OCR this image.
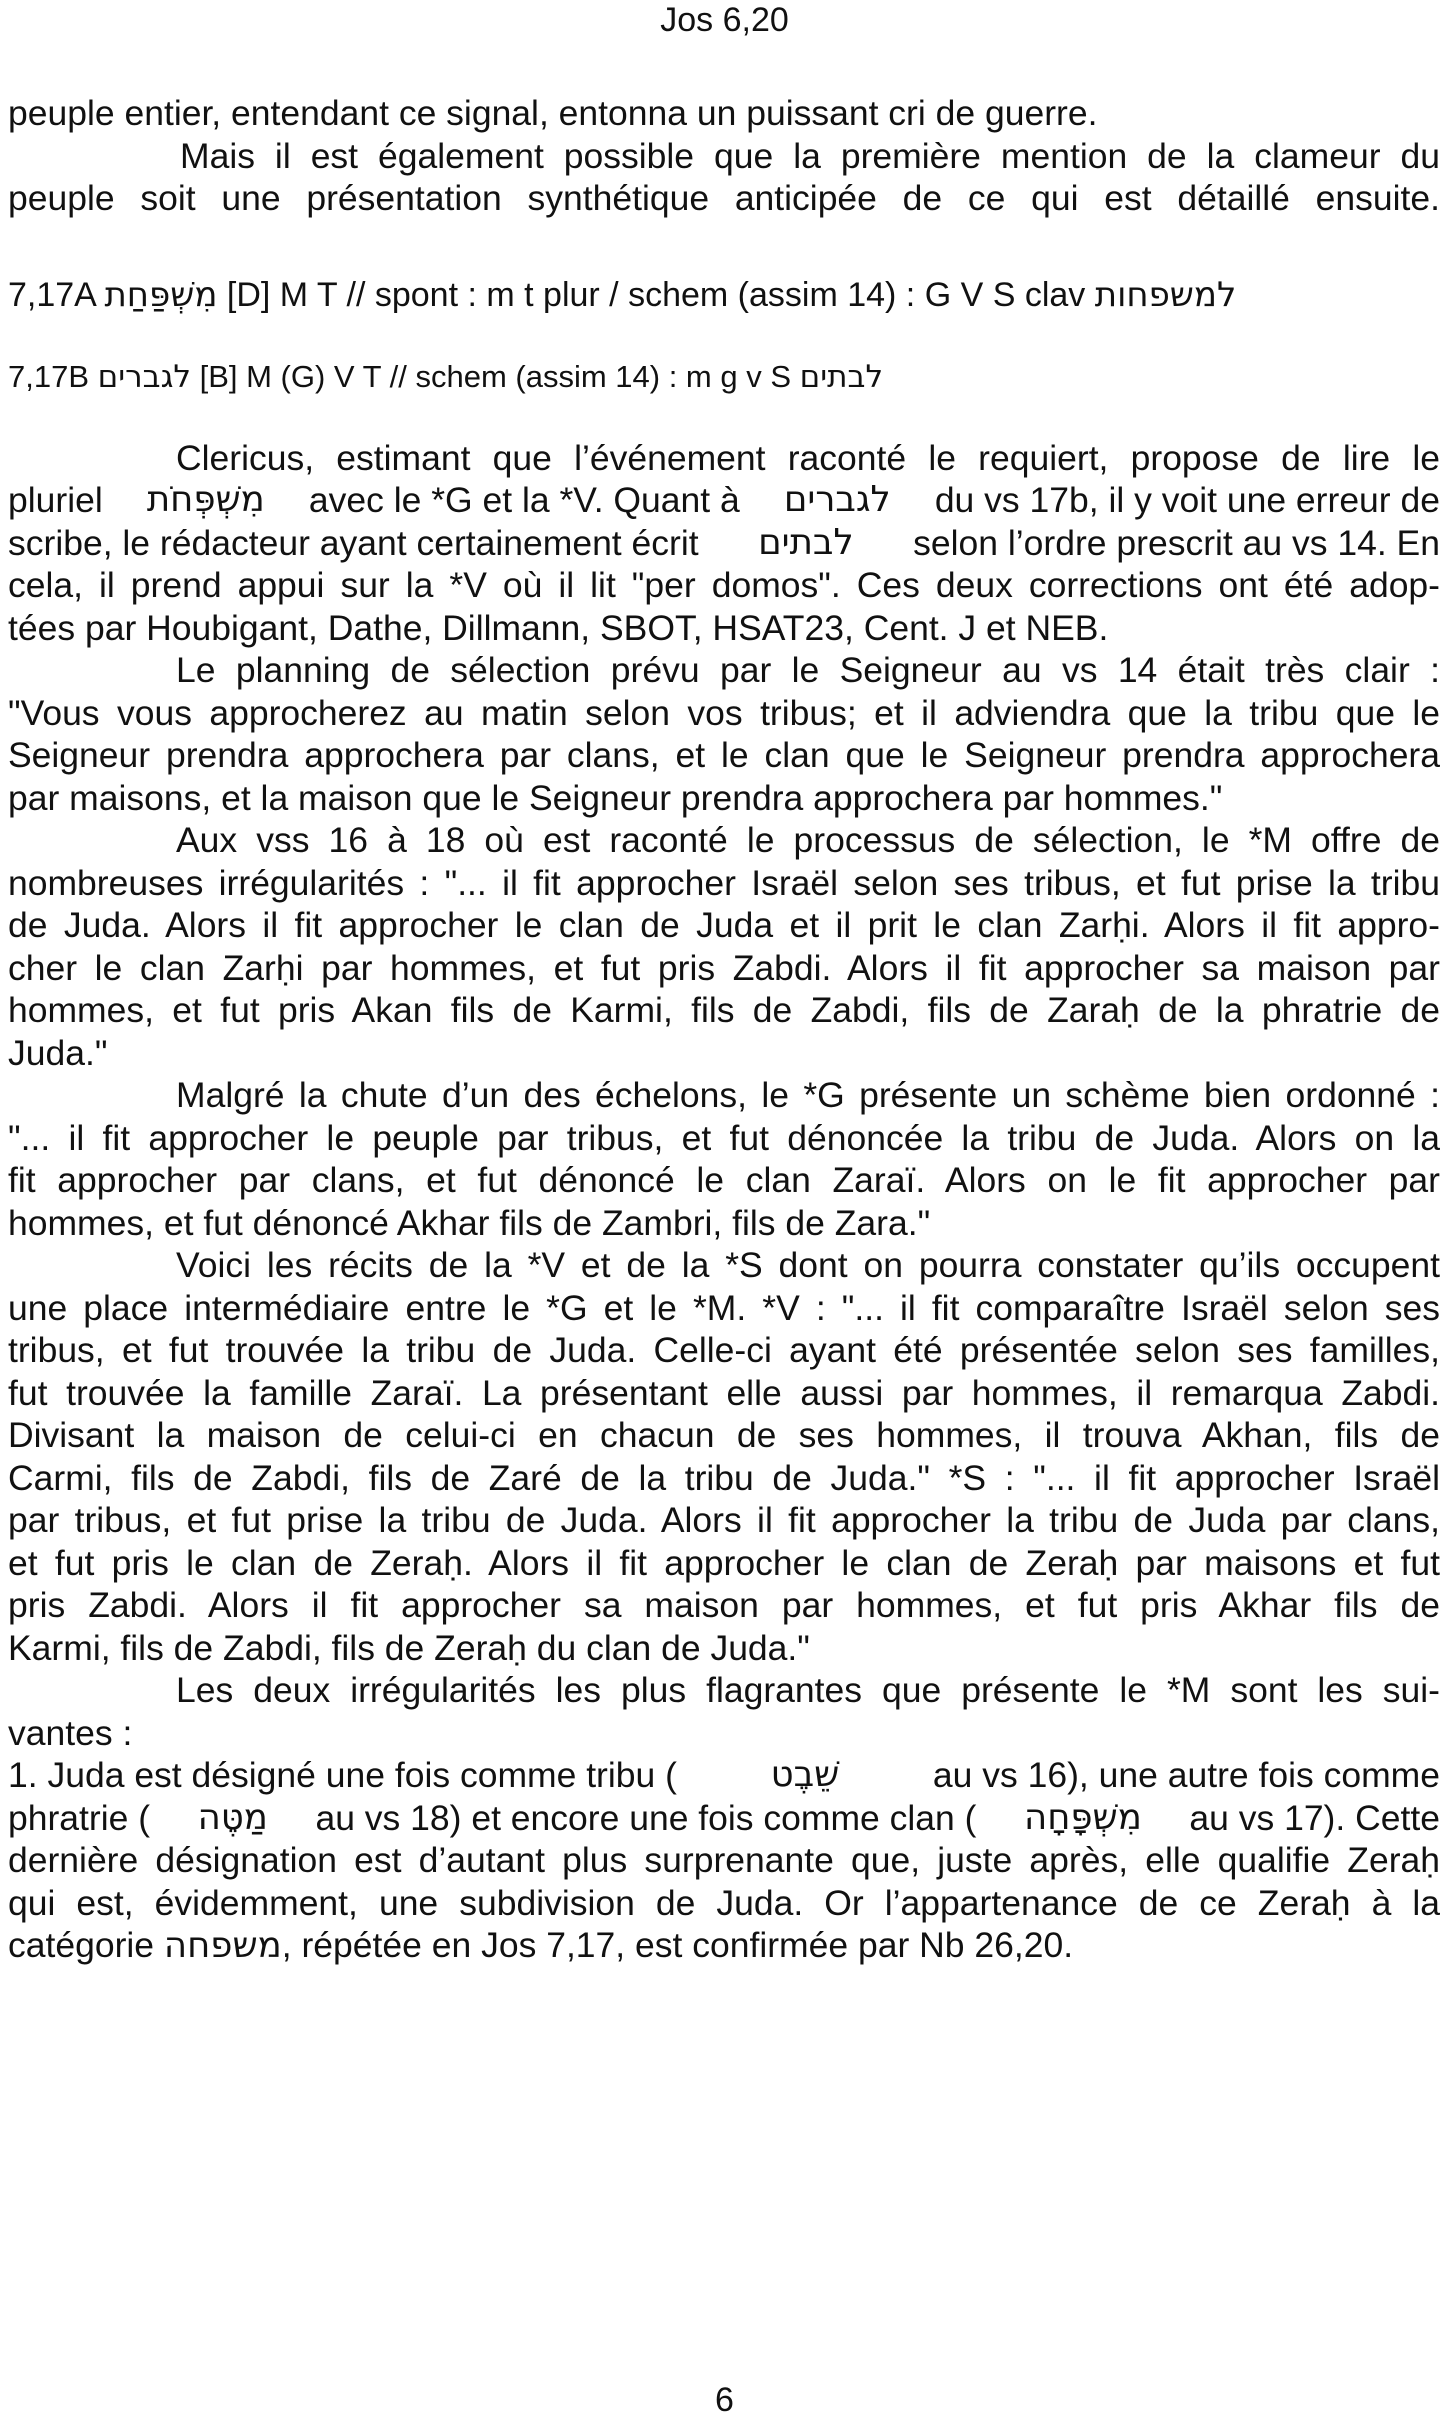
Jos 6,20
peuple entier, entendant ce signal, entonna un puissant cri de guerre.
Mais il est également possible que la première mention de la clameur du
peuple soit une présentation synthétique anticipée de ce qui est détaillé ensuite.
7,17A מִשְׁפַּחַת [D] M T // spont : m t plur / schem (assim 14) : G V S clav למשפחות
7,17B לגברים [B] M (G) V T // schem (assim 14) : m g v S לבתים
Clericus, estimant que l’événement raconté le requiert, propose de lire le
pluriel מִשְׁפְּחֹת avec le *G et la *V. Quant à לגברים du vs 17b, il y voit une erreur de
scribe, le rédacteur ayant certainement écrit לבתים selon l’ordre prescrit au vs 14. En
cela, il prend appui sur la *V où il lit "per domos". Ces deux corrections ont été adop-
tées par Houbigant, Dathe, Dillmann, SBOT, HSAT23, Cent. J et NEB.
Le planning de sélection prévu par le Seigneur au vs 14 était très clair :
"Vous vous approcherez au matin selon vos tribus; et il adviendra que la tribu que le
Seigneur prendra approchera par clans, et le clan que le Seigneur prendra approchera
par maisons, et la maison que le Seigneur prendra approchera par hommes."
Aux vss 16 à 18 où est raconté le processus de sélection, le *M offre de
nombreuses irrégularités : "... il fit approcher Israël selon ses tribus, et fut prise la tribu
de Juda. Alors il fit approcher le clan de Juda et il prit le clan Zarḥi. Alors il fit appro-
cher le clan Zarḥi par hommes, et fut pris Zabdi. Alors il fit approcher sa maison par
hommes, et fut pris Akan fils de Karmi, fils de Zabdi, fils de Zaraḥ de la phratrie de
Juda."
Malgré la chute d’un des échelons, le *G présente un schème bien ordonné :
"... il fit approcher le peuple par tribus, et fut dénoncée la tribu de Juda. Alors on la
fit approcher par clans, et fut dénoncé le clan Zaraï. Alors on le fit approcher par
hommes, et fut dénoncé Akhar fils de Zambri, fils de Zara."
Voici les récits de la *V et de la *S dont on pourra constater qu’ils occupent
une place intermédiaire entre le *G et le *M. *V : "... il fit comparaître Israël selon ses
tribus, et fut trouvée la tribu de Juda. Celle-ci ayant été présentée selon ses familles,
fut trouvée la famille Zaraï. La présentant elle aussi par hommes, il remarqua Zabdi.
Divisant la maison de celui-ci en chacun de ses hommes, il trouva Akhan, fils de
Carmi, fils de Zabdi, fils de Zaré de la tribu de Juda." *S : "... il fit approcher Israël
par tribus, et fut prise la tribu de Juda. Alors il fit approcher la tribu de Juda par clans,
et fut pris le clan de Zeraḥ. Alors il fit approcher le clan de Zeraḥ par maisons et fut
pris Zabdi. Alors il fit approcher sa maison par hommes, et fut pris Akhar fils de
Karmi, fils de Zabdi, fils de Zeraḥ du clan de Juda."
Les deux irrégularités les plus flagrantes que présente le *M sont les sui-
vantes :
1. Juda est désigné une fois comme tribu (	שֵׁבֶט	au vs 16), une autre fois comme
phratrie ( מַטֶּה au vs 18) et encore une fois comme clan ( מִשְׁפָּחָה au vs 17). Cette
dernière désignation est d’autant plus surprenante que, juste après, elle qualifie Zeraḥ
qui est, évidemment, une subdivision de Juda. Or l’appartenance de ce Zeraḥ à la
catégorie משפחה, répétée en Jos 7,17, est confirmée par Nb 26,20.
6
